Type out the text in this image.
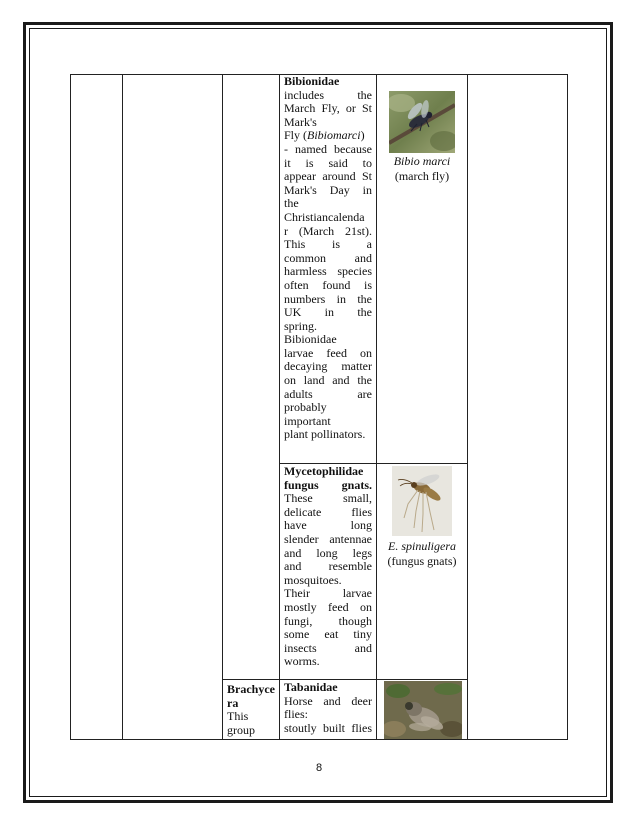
Bibionidae
includes the
March Fly, or St
Mark's
Fly (Bibiomarci)
- named because
it is said to
appear around St
Mark's Day in
the
Christiancalenda
r (March 21st).
This is a
common and
harmless species
often found is
numbers in the
UK in the
spring.
Bibionidae
larvae feed on
decaying matter
on land and the
adults are
probably
important
plant pollinators.
Bibio marci
(march fly)
Mycetophilidae
fungus gnats.
These small,
delicate flies
have long
slender antennae
and long legs
and resemble
mosquitoes.
Their larvae
mostly feed on
fungi, though
some eat tiny
insects and
worms.
E. spinuligera
(fungus gnats)
Brachyce
ra
This
group
Tabanidae
Horse and deer
flies:
stoutly built flies
8
